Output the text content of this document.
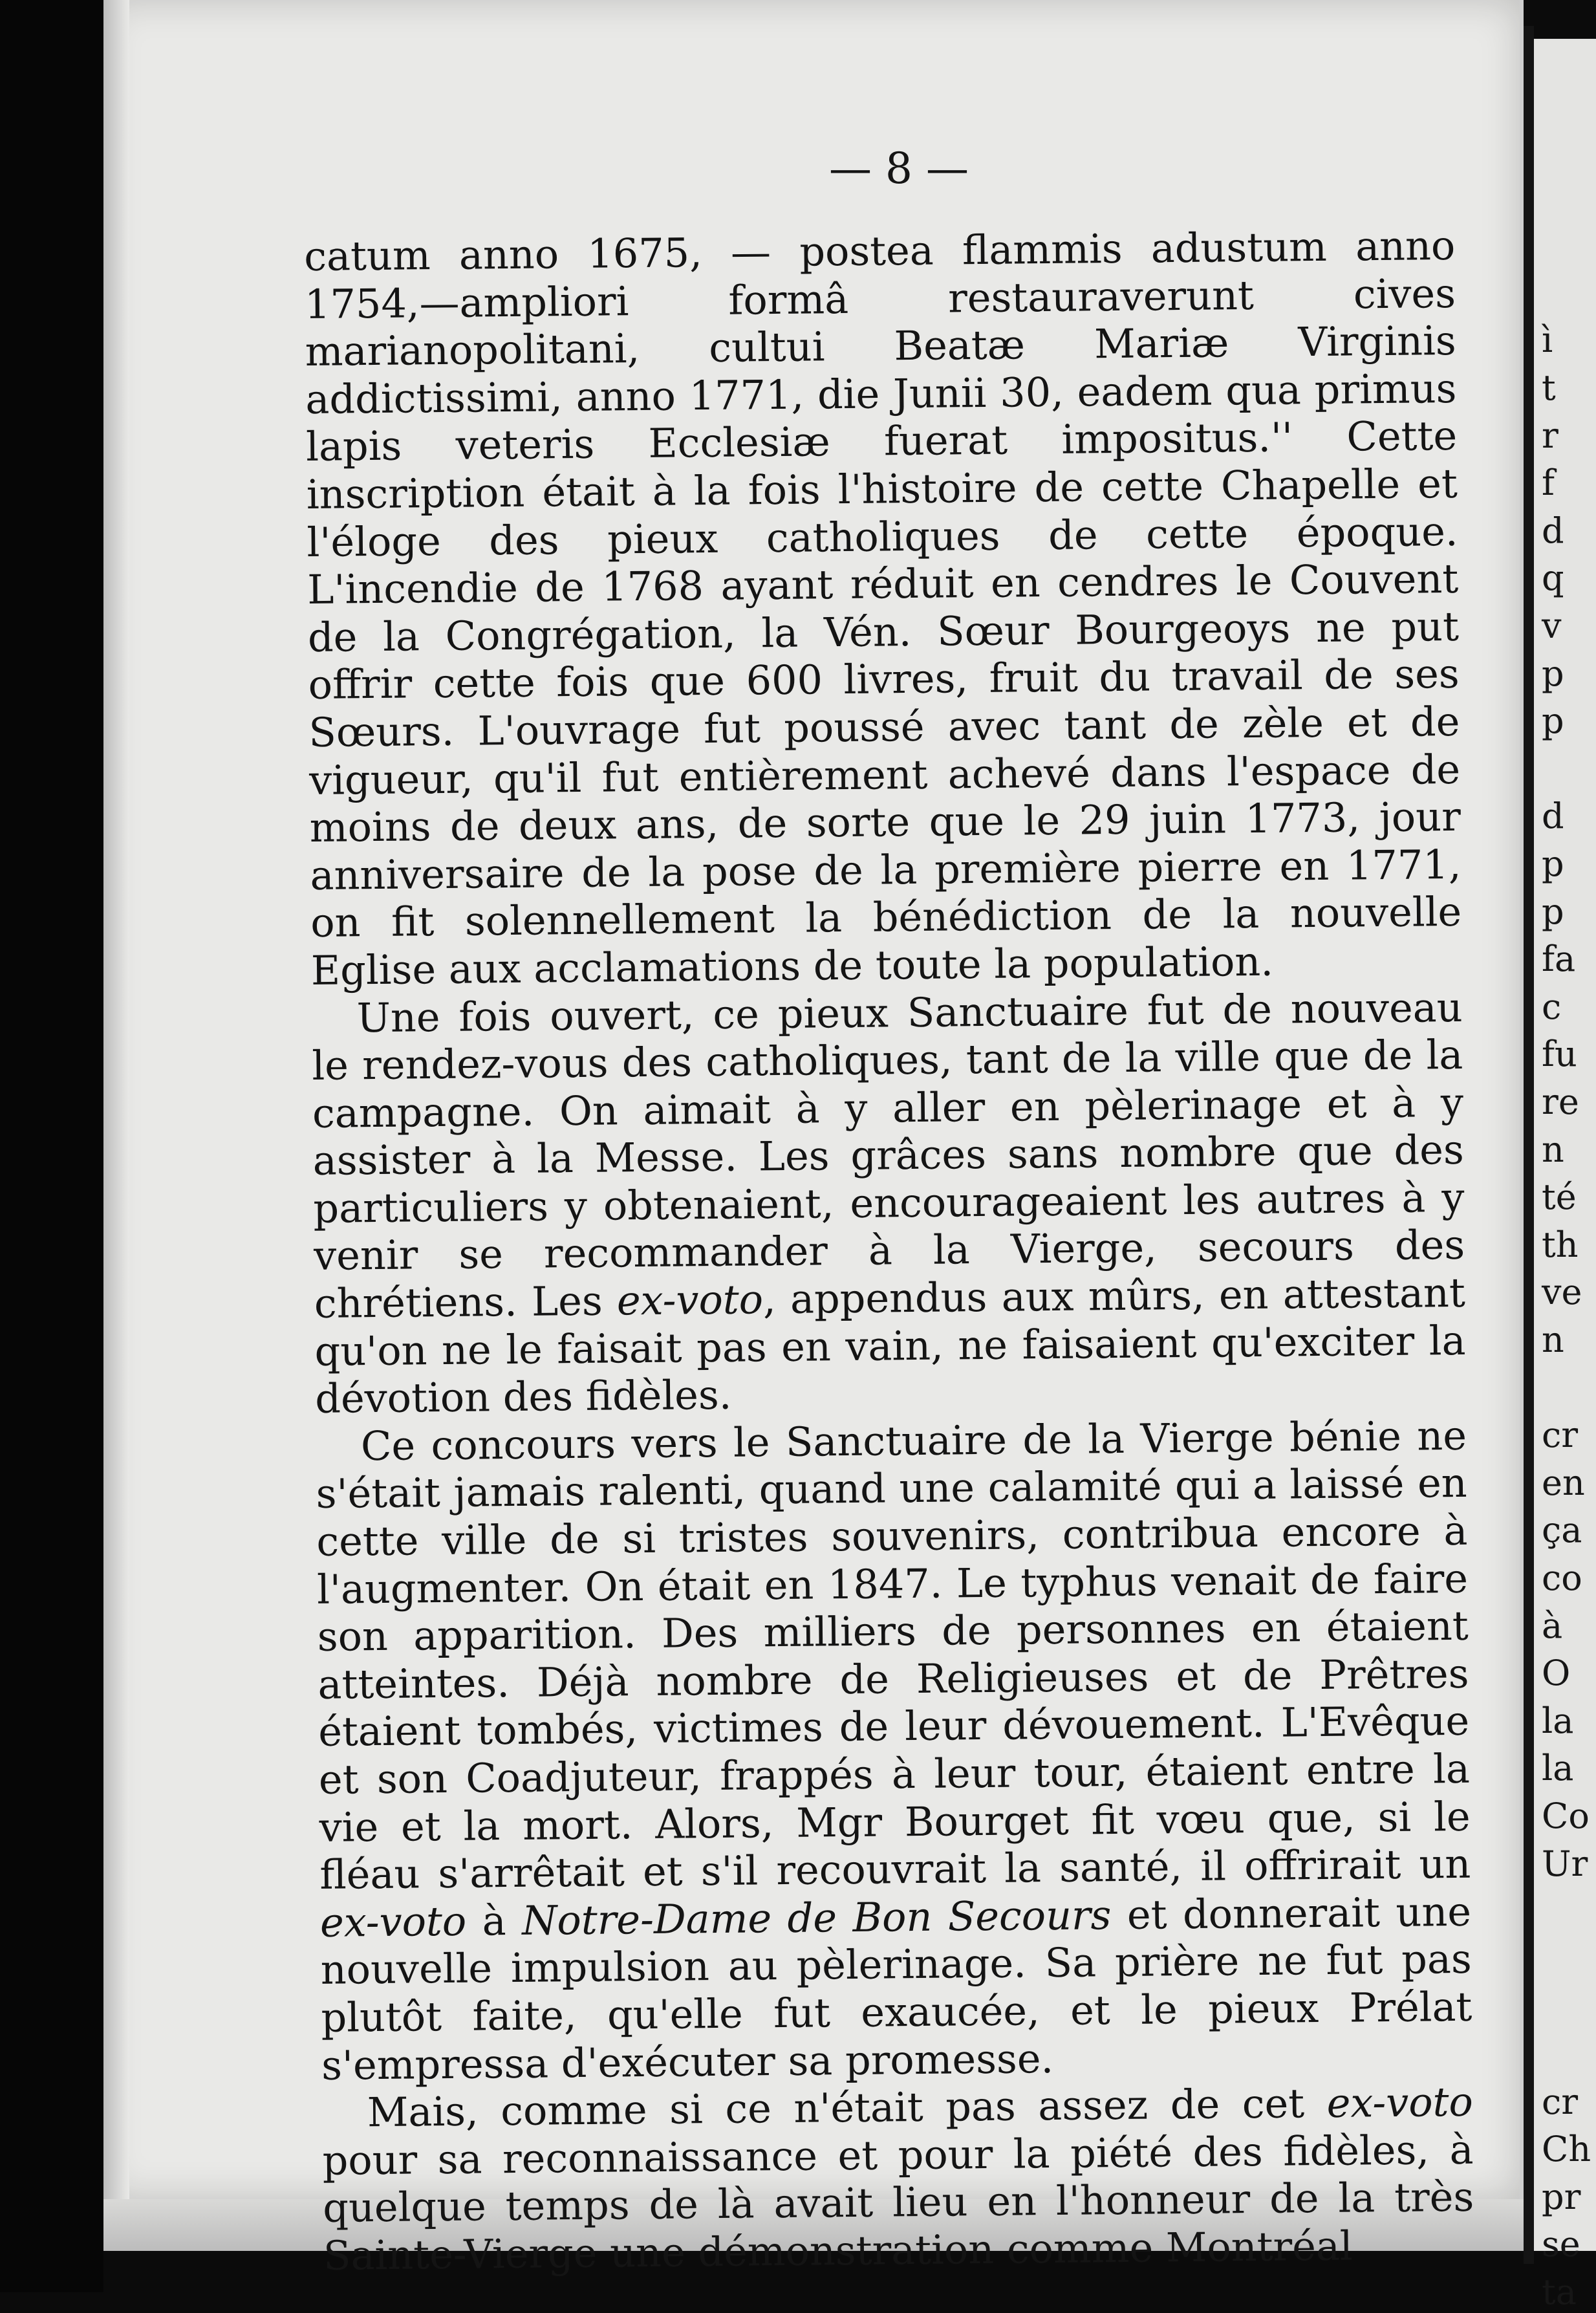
ì
t
r
f
d
q
v
p
p
d
p
p
fa
c
fu
re
n
té
th
ve
n
cr
en
ça
co
à
O
la
la
Co
Ur
cr
Ch
pr
se
ta
— 8 —

catum anno 1675, — postea flammis adustum anno 1754,—ampliori formâ restauraverunt cives marianopolitani, cultui Beatæ Mariæ Virginis addictissimi, anno 1771, die Junii 30, eadem qua primus lapis veteris Ecclesiæ fuerat impositus.'' Cette inscription était à la fois l'histoire de cette Chapelle et l'éloge des pieux catholiques de cette époque. L'incendie de 1768 ayant réduit en cendres le Couvent de la Congrégation, la Vén. Sœur Bourgeoys ne put offrir cette fois que 600 livres, fruit du travail de ses Sœurs. L'ouvrage fut poussé avec tant de zèle et de vigueur, qu'il fut entièrement achevé dans l'espace de moins de deux ans, de sorte que le 29 juin 1773, jour anniversaire de la pose de la première pierre en 1771, on fit solennellement la bénédiction de la nouvelle Eglise aux acclamations de toute la population.

Une fois ouvert, ce pieux Sanctuaire fut de nouveau le rendez-vous des catholiques, tant de la ville que de la campagne. On aimait à y aller en pèlerinage et à y assister à la Messe. Les grâces sans nombre que des particuliers y obtenaient, encourageaient les autres à y venir se recommander à la Vierge, secours des chrétiens. Les ex-voto, appendus aux mûrs, en attestant qu'on ne le faisait pas en vain, ne faisaient qu'exciter la dévotion des fidèles.

Ce concours vers le Sanctuaire de la Vierge bénie ne s'était jamais ralenti, quand une calamité qui a laissé en cette ville de si tristes souvenirs, contribua encore à l'augmenter. On était en 1847. Le typhus venait de faire son apparition. Des milliers de personnes en étaient atteintes. Déjà nombre de Religieuses et de Prêtres étaient tombés, victimes de leur dévouement. L'Evêque et son Coadjuteur, frappés à leur tour, étaient entre la vie et la mort. Alors, Mgr Bourget fit vœu que, si le fléau s'arrêtait et s'il recouvrait la santé, il offrirait un ex-voto à Notre-Dame de Bon Secours et donnerait une nouvelle impulsion au pèlerinage. Sa prière ne fut pas plutôt faite, qu'elle fut exaucée, et le pieux Prélat s'empressa d'exécuter sa promesse.

Mais, comme si ce n'était pas assez de cet ex-voto pour sa reconnaissance et pour la piété des fidèles, à quelque temps de là avait lieu en l'honneur de la très Sainte-Vierge une démonstration comme Montréal
